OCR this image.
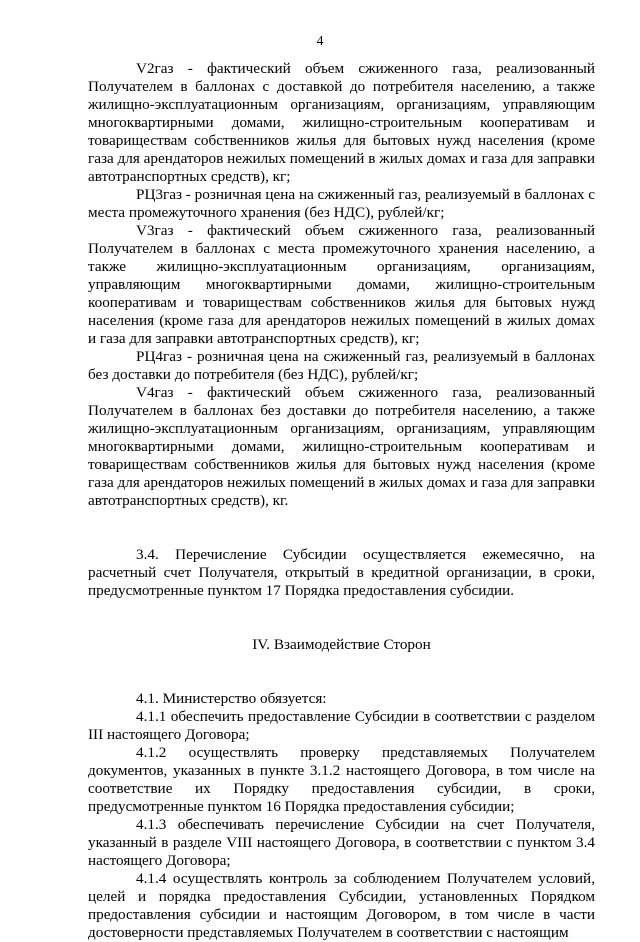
4

V2газ - фактический объем сжиженного газа, реализованный Получателем в баллонах с доставкой до потребителя населению, а также жилищно-эксплуатационным организациям, организациям, управляющим многоквартирными домами, жилищно-строительным кооперативам и товариществам собственников жилья для бытовых нужд населения (кроме газа для арендаторов нежилых помещений в жилых домах и газа для заправки автотранспортных средств), кг;

РЦ3газ - розничная цена на сжиженный газ, реализуемый в баллонах с места промежуточного хранения (без НДС), рублей/кг;

V3газ - фактический объем сжиженного газа, реализованный Получателем в баллонах с места промежуточного хранения населению, а также жилищно-эксплуатационным организациям, организациям, управляющим многоквартирными домами, жилищно-строительным кооперативам и товариществам собственников жилья для бытовых нужд населения (кроме газа для арендаторов нежилых помещений в жилых домах и газа для заправки автотранспортных средств), кг;

РЦ4газ - розничная цена на сжиженный газ, реализуемый в баллонах без доставки до потребителя (без НДС), рублей/кг;

V4газ - фактический объем сжиженного газа, реализованный Получателем в баллонах без доставки до потребителя населению, а также жилищно-эксплуатационным организациям, организациям, управляющим многоквартирными домами, жилищно-строительным кооперативам и товариществам собственников жилья для бытовых нужд населения (кроме газа для арендаторов нежилых помещений в жилых домах и газа для заправки автотранспортных средств), кг.

3.4. Перечисление Субсидии осуществляется ежемесячно, на расчетный счет Получателя, открытый в кредитной организации, в сроки, предусмотренные пунктом 17 Порядка предоставления субсидии.

IV. Взаимодействие Сторон

4.1. Министерство обязуется:

4.1.1 обеспечить предоставление Субсидии в соответствии с разделом III настоящего Договора;

4.1.2 осуществлять проверку представляемых Получателем документов, указанных в пункте 3.1.2 настоящего Договора, в том числе на соответствие их Порядку предоставления субсидии, в сроки, предусмотренные пунктом 16 Порядка предоставления субсидии;

4.1.3 обеспечивать перечисление Субсидии на счет Получателя, указанный в разделе VIII настоящего Договора, в соответствии с пунктом 3.4 настоящего Договора;

4.1.4 осуществлять контроль за соблюдением Получателем условий, целей и порядка предоставления Субсидии, установленных Порядком предоставления субсидии и настоящим Договором, в том числе в части достоверности представляемых Получателем в соответствии с настоящим
